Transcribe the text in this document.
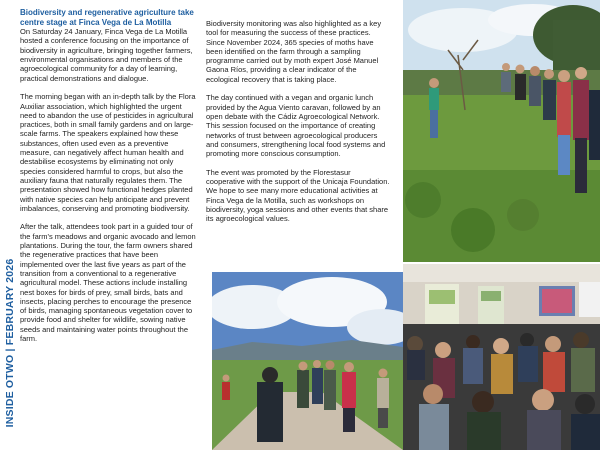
INSIDE OTWO | FEBRUARY 2026
Biodiversity and regenerative agriculture take centre stage at Finca Vega de La Motilla

On Saturday 24 January, Finca Vega de La Motilla hosted a conference focusing on the importance of biodiversity in agriculture, bringing together farmers, environmental organisations and members of the agroecological community for a day of learning, practical demonstrations and dialogue.

The morning began with an in-depth talk by the Flora Auxiliar association, which highlighted the urgent need to abandon the use of pesticides in agricultural practices, both in small family gardens and on large-scale farms. The speakers explained how these substances, often used even as a preventive measure, can negatively affect human health and destabilise ecosystems by eliminating not only species considered harmful to crops, but also the auxiliary fauna that naturally regulates them. The presentation showed how functional hedges planted with native species can help anticipate and prevent imbalances, conserving and promoting biodiversity.

After the talk, attendees took part in a guided tour of the farm's meadows and organic avocado and lemon plantations. During the tour, the farm owners shared the regenerative practices that have been implemented over the last five years as part of the transition from a conventional to a regenerative agricultural model. These actions include installing nest boxes for birds of prey, small birds, bats and insects, placing perches to encourage the presence of birds, managing spontaneous vegetation cover to provide food and shelter for wildlife, sowing native seeds and maintaining water points throughout the farm.

Biodiversity monitoring was also highlighted as a key tool for measuring the success of these practices. Since November 2024, 365 species of moths have been identified on the farm through a sampling programme carried out by moth expert José Manuel Gaona Ríos, providing a clear indicator of the ecological recovery that is taking place.

The day continued with a vegan and organic lunch provided by the Agua Viento caravan, followed by an open debate with the Cádiz Agroecological Network. This session focused on the importance of creating networks of trust between agroecological producers and consumers, strengthening local food systems and promoting more conscious consumption.

The event was promoted by the Florestasur cooperative with the support of the Unicaja Foundation. We hope to see many more educational activities at Finca Vega de la Motilla, such as workshops on biodiversity, yoga sessions and other events that share its agroecological values.
